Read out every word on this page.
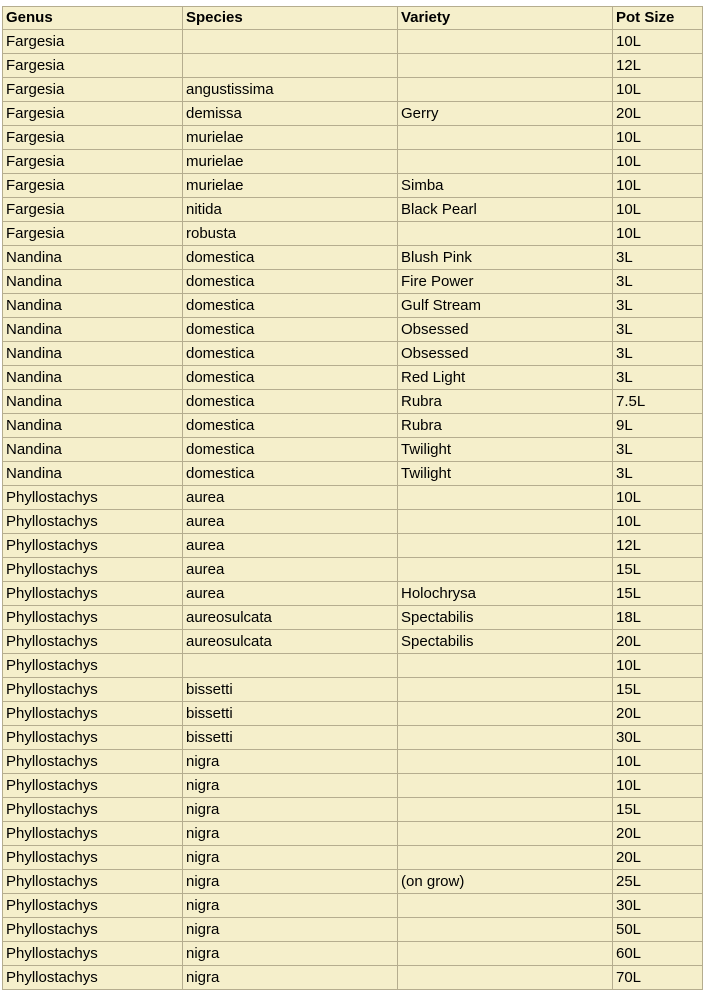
Genus	Species	Variety	Pot Size
Fargesia			10L
Fargesia			12L
Fargesia	angustissima		10L
Fargesia	demissa	Gerry	20L
Fargesia	murielae		10L
Fargesia	murielae		10L
Fargesia	murielae	Simba	10L
Fargesia	nitida	Black Pearl	10L
Fargesia	robusta		10L
Nandina	domestica	Blush Pink	3L
Nandina	domestica	Fire Power	3L
Nandina	domestica	Gulf Stream	3L
Nandina	domestica	Obsessed	3L
Nandina	domestica	Obsessed	3L
Nandina	domestica	Red Light	3L
Nandina	domestica	Rubra	7.5L
Nandina	domestica	Rubra	9L
Nandina	domestica	Twilight	3L
Nandina	domestica	Twilight	3L
Phyllostachys	aurea		10L
Phyllostachys	aurea		10L
Phyllostachys	aurea		12L
Phyllostachys	aurea		15L
Phyllostachys	aurea	Holochrysa	15L
Phyllostachys	aureosulcata	Spectabilis	18L
Phyllostachys	aureosulcata	Spectabilis	20L
Phyllostachys			10L
Phyllostachys	bissetti		15L
Phyllostachys	bissetti		20L
Phyllostachys	bissetti		30L
Phyllostachys	nigra		10L
Phyllostachys	nigra		10L
Phyllostachys	nigra		15L
Phyllostachys	nigra		20L
Phyllostachys	nigra		20L
Phyllostachys	nigra	(on grow)	25L
Phyllostachys	nigra		30L
Phyllostachys	nigra		50L
Phyllostachys	nigra		60L
Phyllostachys	nigra		70L
